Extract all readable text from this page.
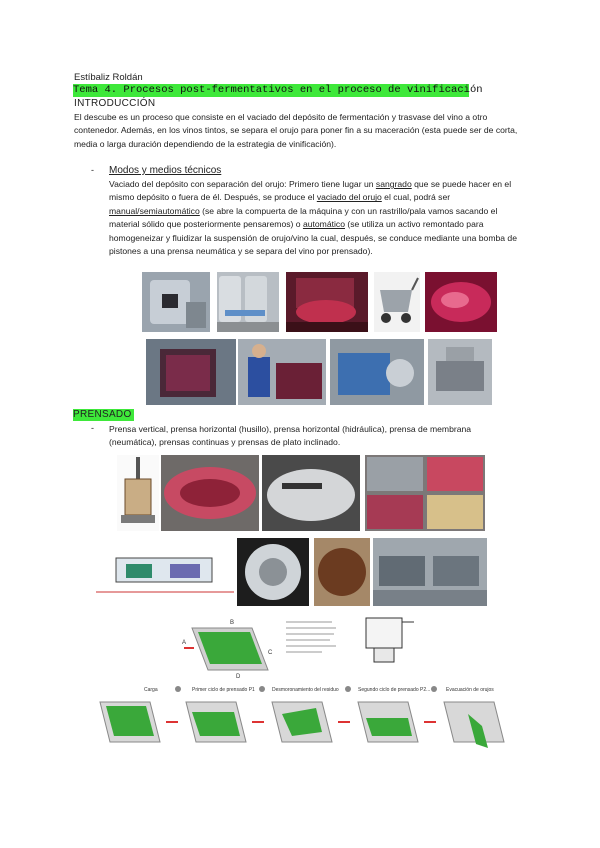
Estíbaliz Roldán
Tema 4. Procesos post-fermentativos en el proceso de vinificación
INTRODUCCIÓN
El descube es un proceso que consiste en el vaciado del depósito de fermentación y trasvase del vino a otro contenedor. Además, en los vinos tintos, se separa el orujo para poner fin a su maceración (esta puede ser de corta, media o larga duración dependiendo de la estrategia de vinificación).
- Modos y medios técnicos
Vaciado del depósito con separación del orujo: Primero tiene lugar un sangrado que se puede hacer en el mismo depósito o fuera de él. Después, se produce el vaciado del orujo el cual, podrá ser manual/semiautomático (se abre la compuerta de la máquina y con un rastrillo/pala vamos sacando el material sólido que posteriormente pensaremos) o automático (se utiliza un activo remontado para homogeneizar y fluidizar la suspensión de orujo/vino la cual, después, se conduce mediante una bomba de pistones a una prensa neumática y se separa del vino por prensado).
PRENSADO
- Prensa vertical, prensa horizontal (husillo), prensa horizontal (hidráulica), prensa de membrana (neumática), prensas continuas y prensas de plato inclinado.
A
B
C
D
Carga	Primer ciclo de prensado P1	Desmoronamiento del residuo	Segundo ciclo de prensado P2...	Evacuación de orujos
